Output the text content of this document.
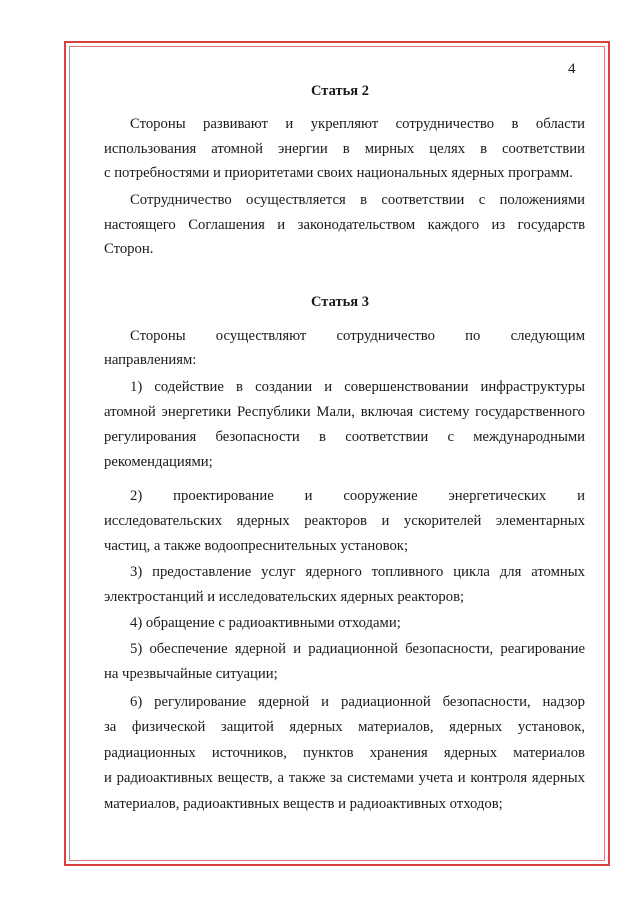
4
Статья 2
Стороны развивают и укрепляют сотрудничество в области
использования атомной энергии в мирных целях в соответствии
с потребностями и приоритетами своих национальных ядерных программ.
Сотрудничество осуществляется в соответствии с положениями
настоящего Соглашения и законодательством каждого из государств
Сторон.
Статья 3
Стороны осуществляют сотрудничество по следующим
направлениям:
1) содействие в создании и совершенствовании инфраструктуры
атомной энергетики Республики Мали, включая систему государственного
регулирования безопасности в соответствии с международными
рекомендациями;
2) проектирование и сооружение энергетических и
исследовательских ядерных реакторов и ускорителей элементарных
частиц, а также водоопреснительных установок;
3) предоставление услуг ядерного топливного цикла для атомных
электростанций и исследовательских ядерных реакторов;
4) обращение с радиоактивными отходами;
5) обеспечение ядерной и радиационной безопасности, реагирование
на чрезвычайные ситуации;
6) регулирование ядерной и радиационной безопасности, надзор
за физической защитой ядерных материалов, ядерных установок,
радиационных источников, пунктов хранения ядерных материалов
и радиоактивных веществ, а также за системами учета и контроля ядерных
материалов, радиоактивных веществ и радиоактивных отходов;
